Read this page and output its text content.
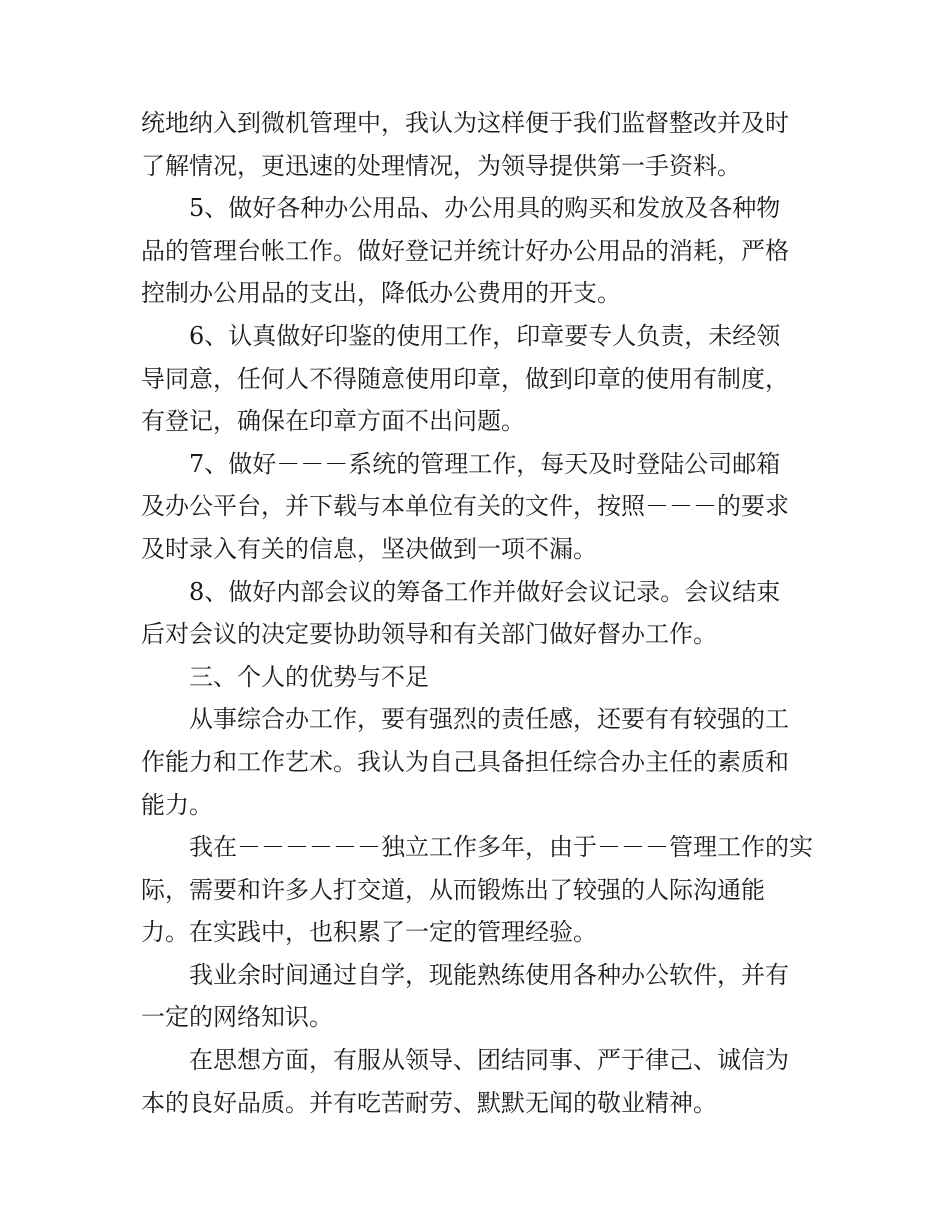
统地纳入到微机管理中，我认为这样便于我们监督整改并及时
了解情况，更迅速的处理情况，为领导提供第一手资料。
5、做好各种办公用品、办公用具的购买和发放及各种物
品的管理台帐工作。做好登记并统计好办公用品的消耗，严格
控制办公用品的支出，降低办公费用的开支。
6、认真做好印鉴的使用工作，印章要专人负责，未经领
导同意，任何人不得随意使用印章，做到印章的使用有制度，
有登记，确保在印章方面不出问题。
7、做好－－－系统的管理工作，每天及时登陆公司邮箱
及办公平台，并下载与本单位有关的文件，按照－－－的要求
及时录入有关的信息，坚决做到一项不漏。
8、做好内部会议的筹备工作并做好会议记录。会议结束
后对会议的决定要协助领导和有关部门做好督办工作。
三、个人的优势与不足
从事综合办工作，要有强烈的责任感，还要有有较强的工
作能力和工作艺术。我认为自己具备担任综合办主任的素质和
能力。
我在－－－－－－独立工作多年，由于－－－管理工作的实
际，需要和许多人打交道，从而锻炼出了较强的人际沟通能
力。在实践中，也积累了一定的管理经验。
我业余时间通过自学，现能熟练使用各种办公软件，并有
一定的网络知识。
在思想方面，有服从领导、团结同事、严于律己、诚信为
本的良好品质。并有吃苦耐劳、默默无闻的敬业精神。
